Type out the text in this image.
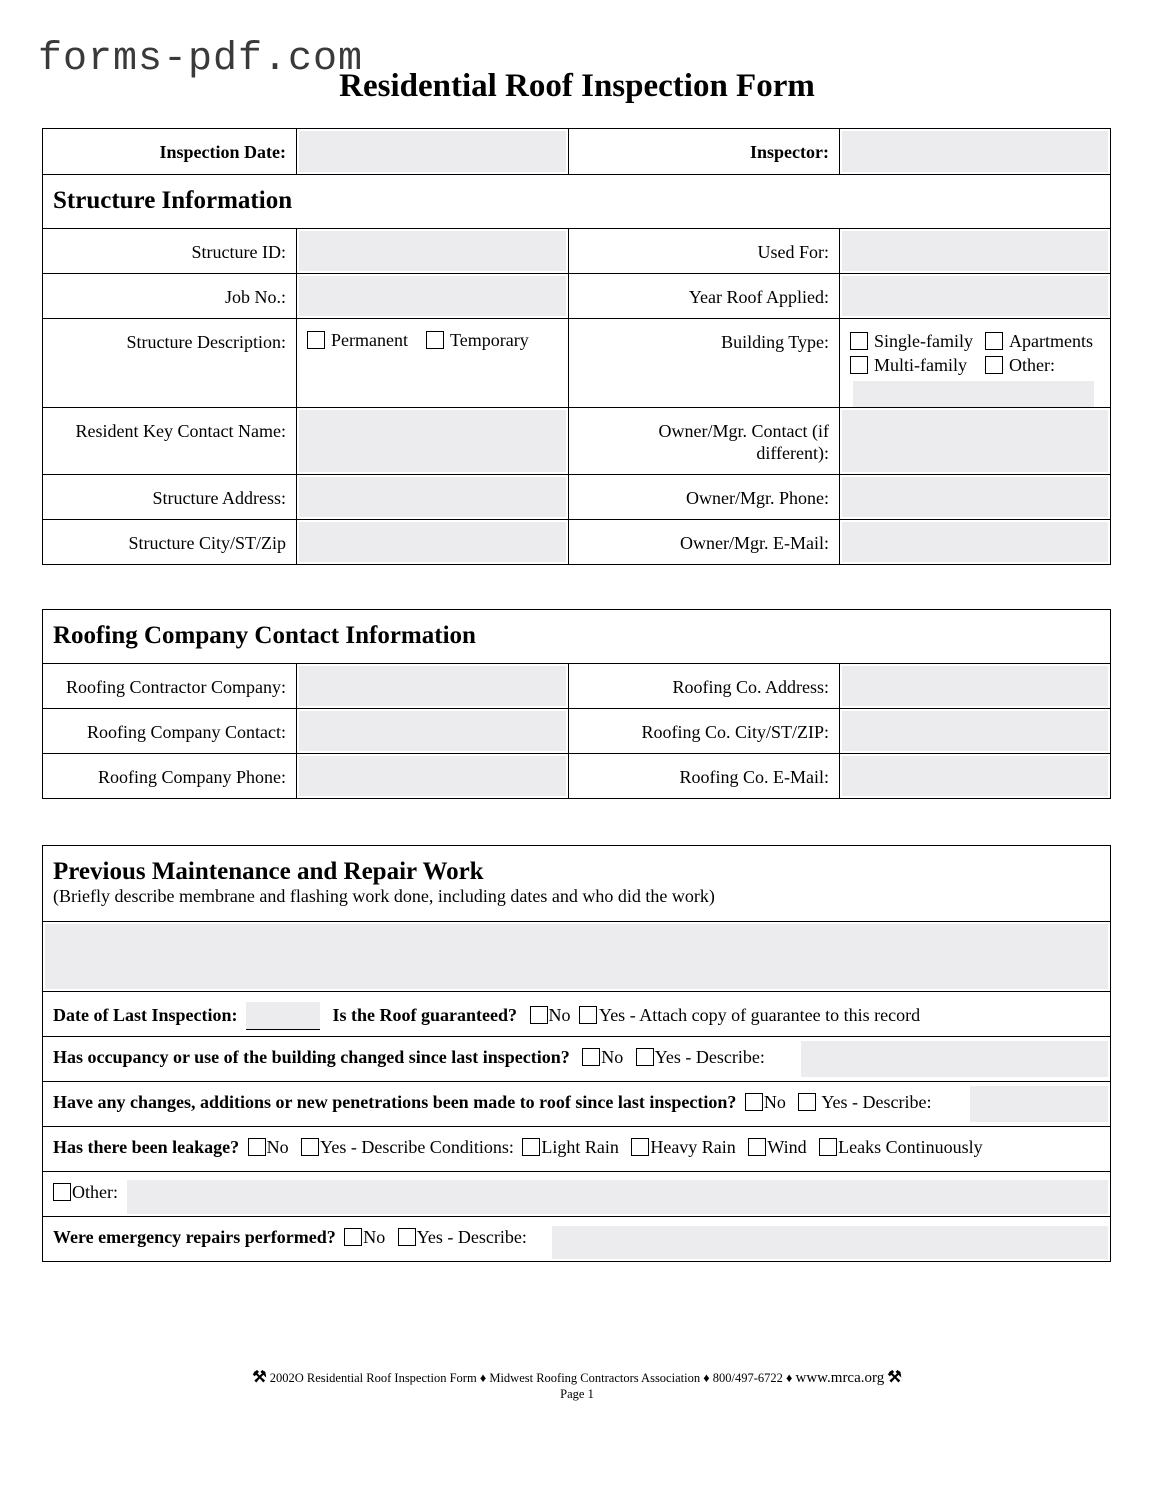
forms-pdf.com
Residential Roof Inspection Form
Inspection Date:	Inspector:
Structure Information
Structure ID:	Used For:
Job No.:	Year Roof Applied:
Structure Description:	Permanent Temporary	Building Type:	Single-family Apartments
Multi-family Other:
Resident Key Contact Name:	Owner/Mgr. Contact (if different):
Structure Address:	Owner/Mgr. Phone:
Structure City/ST/Zip	Owner/Mgr. E-Mail:
Roofing Company Contact Information
Roofing Contractor Company:	Roofing Co. Address:
Roofing Company Contact:	Roofing Co. City/ST/ZIP:
Roofing Company Phone:	Roofing Co. E-Mail:
Previous Maintenance and Repair Work
(Briefly describe membrane and flashing work done, including dates and who did the work)
Date of Last Inspection:	Is the Roof guaranteed? No Yes - Attach copy of guarantee to this record
Has occupancy or use of the building changed since last inspection? No Yes - Describe:
Have any changes, additions or new penetrations been made to roof since last inspection? No Yes - Describe:
Has there been leakage? No Yes - Describe Conditions: Light Rain Heavy Rain Wind Leaks Continuously
Other:
Were emergency repairs performed? No Yes - Describe:
⚒ 2002O Residential Roof Inspection Form ♦ Midwest Roofing Contractors Association ♦ 800/497-6722 ♦ www.mrca.org ⚒
Page 1
